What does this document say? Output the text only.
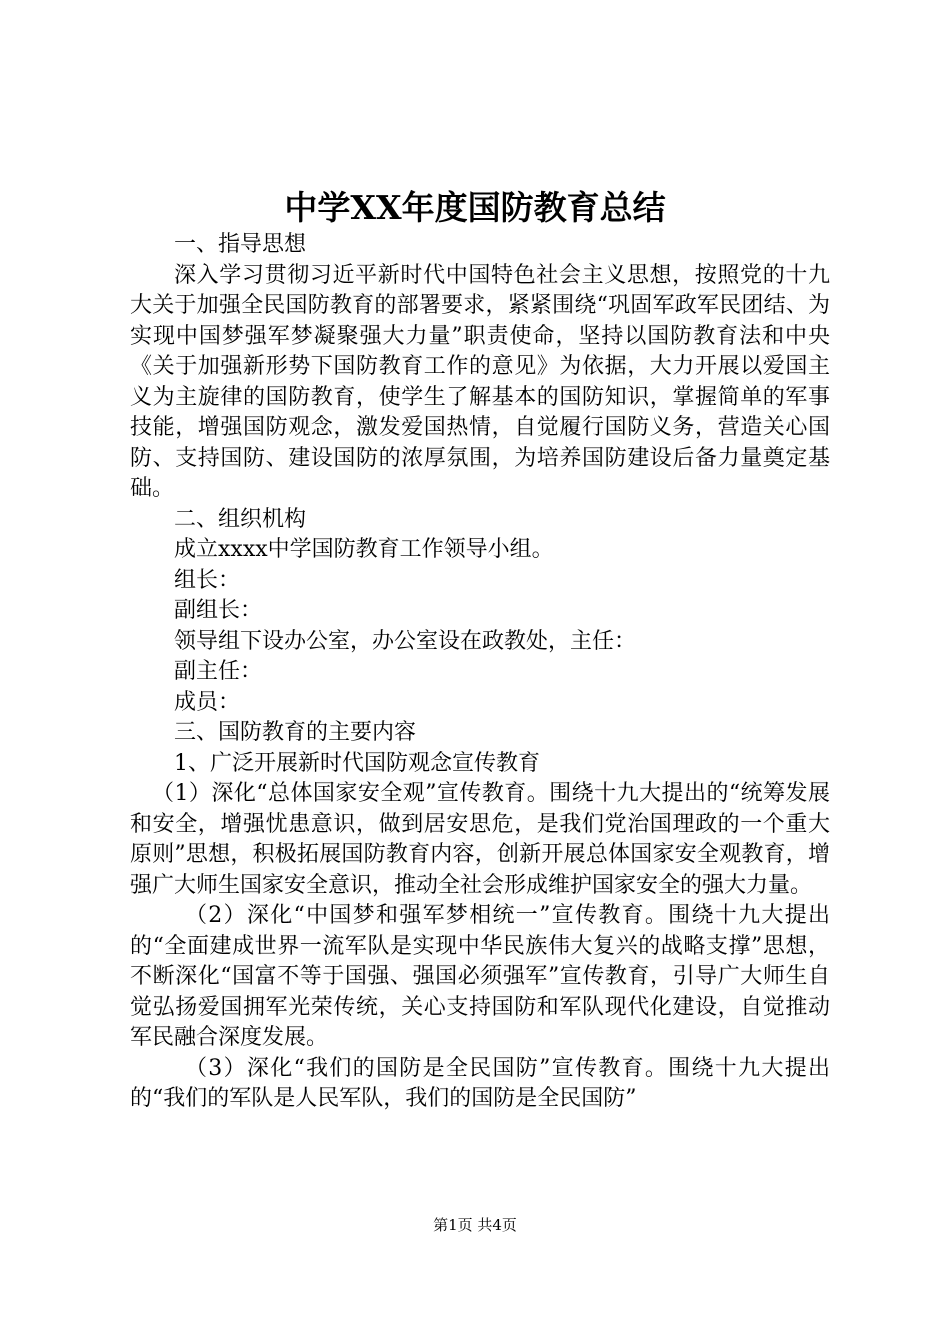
中学XX年度国防教育总结

一、指导思想

深入学习贯彻习近平新时代中国特色社会主义思想，按照党的十九大关于加强全民国防教育的部署要求，紧紧围绕“巩固军政军民团结、为实现中国梦强军梦凝聚强大力量”职责使命，坚持以国防教育法和中央《关于加强新形势下国防教育工作的意见》为依据，大力开展以爱国主义为主旋律的国防教育，使学生了解基本的国防知识，掌握简单的军事技能，增强国防观念，激发爱国热情，自觉履行国防义务，营造关心国防、支持国防、建设国防的浓厚氛围，为培养国防建设后备力量奠定基础。

二、组织机构

成立xxxx中学国防教育工作领导小组。

组长：

副组长：

领导组下设办公室，办公室设在政教处，主任：

副主任：

成员：

三、国防教育的主要内容

1、广泛开展新时代国防观念宣传教育

（1）深化“总体国家安全观”宣传教育。围绕十九大提出的“统筹发展和安全，增强忧患意识，做到居安思危，是我们党治国理政的一个重大原则”思想，积极拓展国防教育内容，创新开展总体国家安全观教育，增强广大师生国家安全意识，推动全社会形成维护国家安全的强大力量。

（2）深化“中国梦和强军梦相统一”宣传教育。围绕十九大提出的“全面建成世界一流军队是实现中华民族伟大复兴的战略支撑”思想，不断深化“国富不等于国强、强国必须强军”宣传教育，引导广大师生自觉弘扬爱国拥军光荣传统，关心支持国防和军队现代化建设，自觉推动军民融合深度发展。

（3）深化“我们的国防是全民国防”宣传教育。围绕十九大提出的“我们的军队是人民军队，我们的国防是全民国防”

第1页 共4页
